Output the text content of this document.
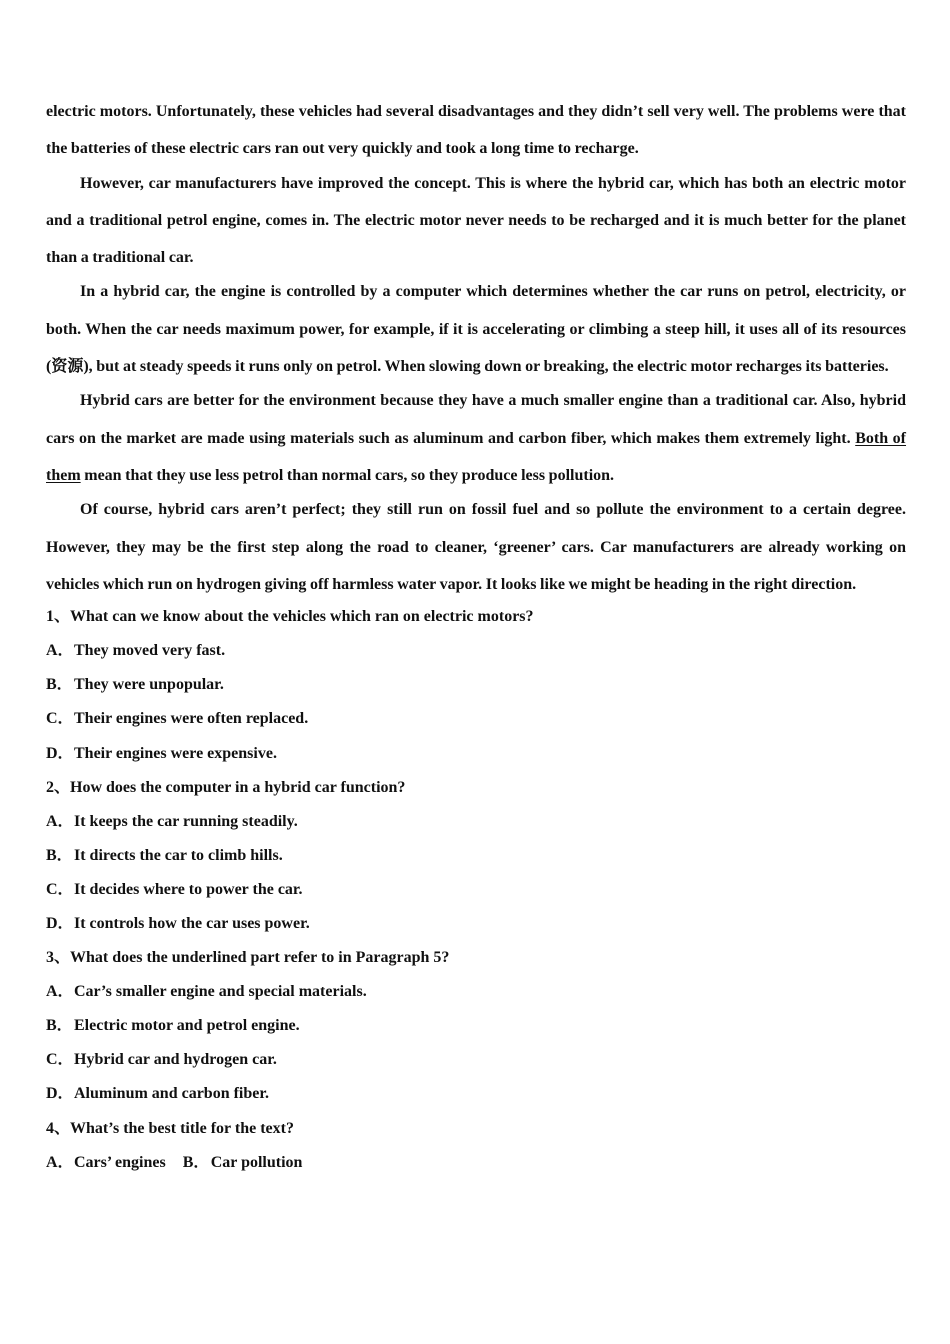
electric motors. Unfortunately, these vehicles had several disadvantages and they didn’t sell very well. The problems were that the batteries of these electric cars ran out very quickly and took a long time to recharge.

However, car manufacturers have improved the concept. This is where the hybrid car, which has both an electric motor and a traditional petrol engine, comes in. The electric motor never needs to be recharged and it is much better for the planet than a traditional car.

In a hybrid car, the engine is controlled by a computer which determines whether the car runs on petrol, electricity, or both. When the car needs maximum power, for example, if it is accelerating or climbing a steep hill, it uses all of its resources (资源), but at steady speeds it runs only on petrol. When slowing down or breaking, the electric motor recharges its batteries.

Hybrid cars are better for the environment because they have a much smaller engine than a traditional car. Also, hybrid cars on the market are made using materials such as aluminum and carbon fiber, which makes them extremely light. Both of them mean that they use less petrol than normal cars, so they produce less pollution.

Of course, hybrid cars aren’t perfect; they still run on fossil fuel and so pollute the environment to a certain degree. However, they may be the first step along the road to cleaner, ‘greener’ cars. Car manufacturers are already working on vehicles which run on hydrogen giving off harmless water vapor. It looks like we might be heading in the right direction.

1、What can we know about the vehicles which ran on electric motors?

A．They moved very fast.

B．They were unpopular.

C．Their engines were often replaced.

D．Their engines were expensive.

2、How does the computer in a hybrid car function?

A．It keeps the car running steadily.

B．It directs the car to climb hills.

C．It decides where to power the car.

D．It controls how the car uses power.

3、What does the underlined part refer to in Paragraph 5?

A．Car’s smaller engine and special materials.

B．Electric motor and petrol engine.

C．Hybrid car and hydrogen car.

D．Aluminum and carbon fiber.

4、What’s the best title for the text?

A．Cars’ engines B．Car pollution
